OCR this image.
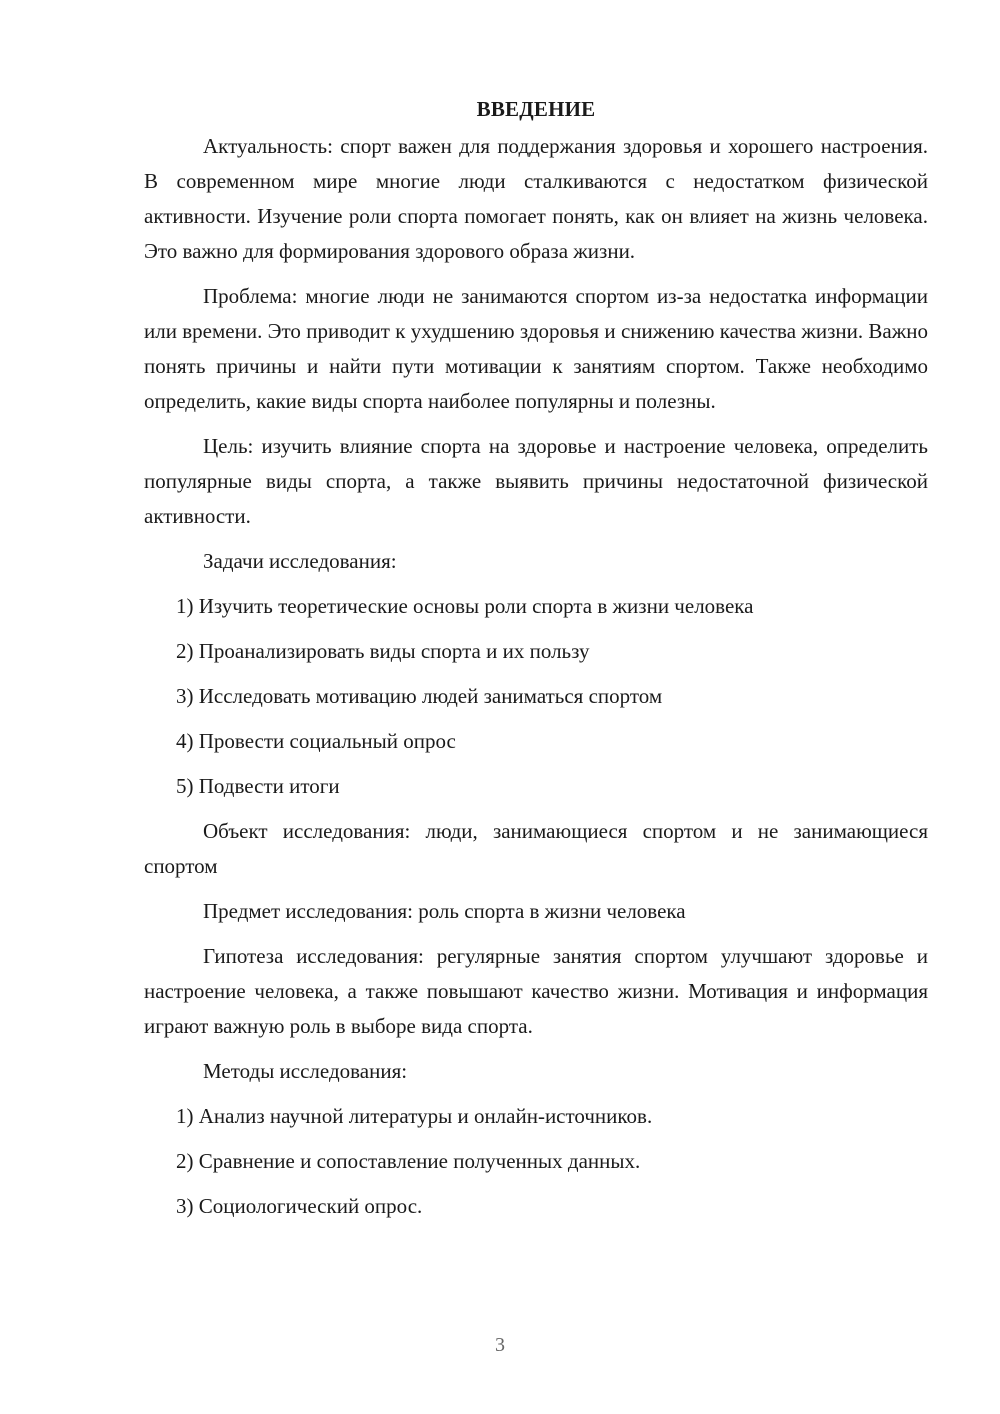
ВВЕДЕНИЕ

Актуальность: спорт важен для поддержания здоровья и хорошего настроения. В современном мире многие люди сталкиваются с недостатком физической активности. Изучение роли спорта помогает понять, как он влияет на жизнь человека. Это важно для формирования здорового образа жизни.

Проблема: многие люди не занимаются спортом из-за недостатка информации или времени. Это приводит к ухудшению здоровья и снижению качества жизни. Важно понять причины и найти пути мотивации к занятиям спортом. Также необходимо определить, какие виды спорта наиболее популярны и полезны.

Цель: изучить влияние спорта на здоровье и настроение человека, определить популярные виды спорта, а также выявить причины недостаточной физической активности.

Задачи исследования:

1) Изучить теоретические основы роли спорта в жизни человека

2) Проанализировать виды спорта и их пользу

3) Исследовать мотивацию людей заниматься спортом

4) Провести социальный опрос

5) Подвести итоги

Объект исследования: люди, занимающиеся спортом и не занимающиеся спортом

Предмет исследования: роль спорта в жизни человека

Гипотеза исследования: регулярные занятия спортом улучшают здоровье и настроение человека, а также повышают качество жизни. Мотивация и информация играют важную роль в выборе вида спорта.

Методы исследования:

1) Анализ научной литературы и онлайн-источников.

2) Сравнение и сопоставление полученных данных.

3) Социологический опрос.

3
